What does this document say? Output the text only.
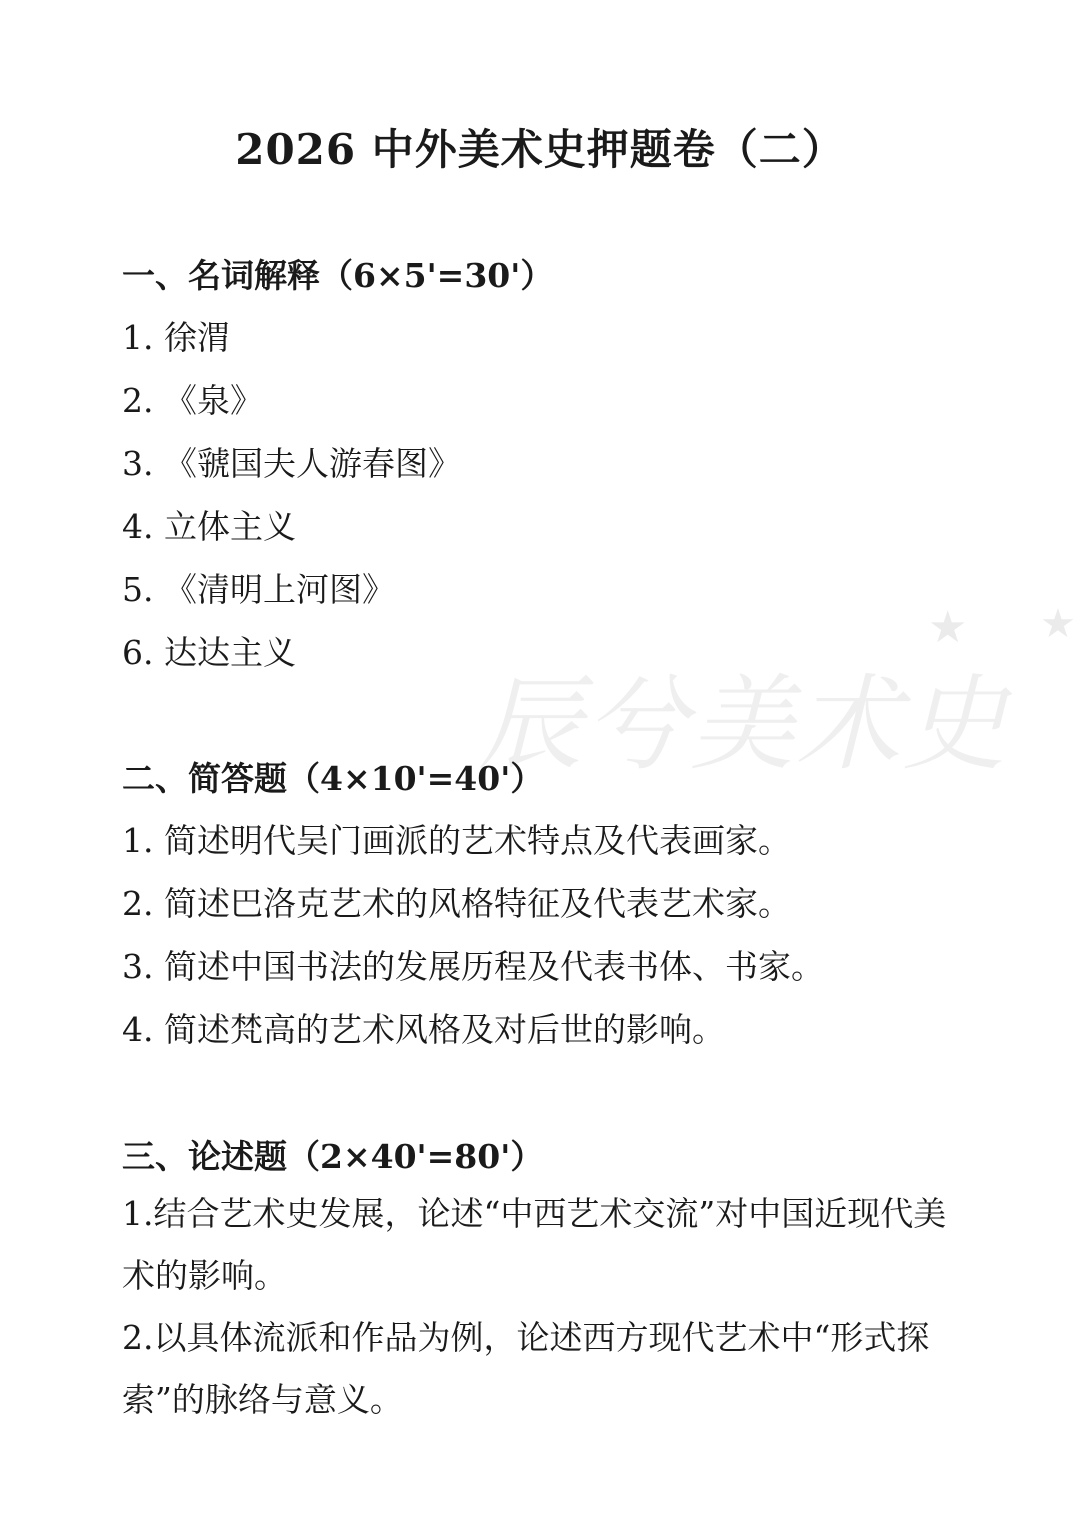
2026 中外美术史押题卷（二）
辰兮美术史
★ ★
一、名词解释（6×5'=30'）
1. 徐渭
2. 《泉》
3. 《虢国夫人游春图》
4. 立体主义
5. 《清明上河图》
6. 达达主义
二、简答题（4×10'=40'）
1. 简述明代吴门画派的艺术特点及代表画家。
2. 简述巴洛克艺术的风格特征及代表艺术家。
3. 简述中国书法的发展历程及代表书体、书家。
4. 简述梵高的艺术风格及对后世的影响。
三、论述题（2×40'=80'）
1.结合艺术史发展，论述“中西艺术交流”对中国近现代美术的影响。
2.以具体流派和作品为例，论述西方现代艺术中“形式探索”的脉络与意义。
